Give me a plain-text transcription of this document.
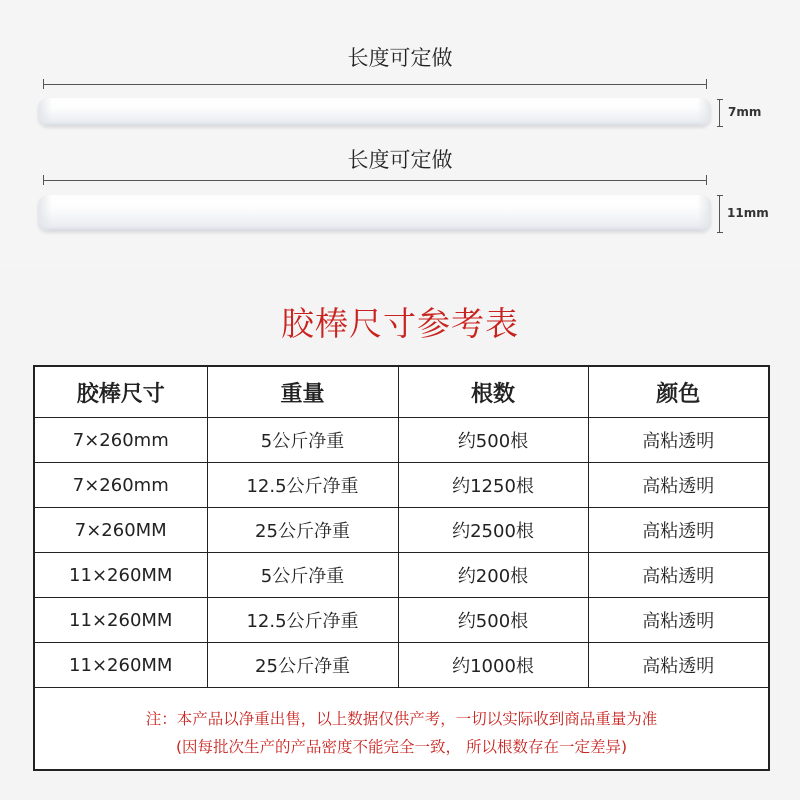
长度可定做
7mm
长度可定做
11mm
胶棒尺寸参考表
胶棒尺寸	重量	根数	颜色
7×260mm	5公斤净重	约500根	高粘透明
7×260mm	12.5公斤净重	约1250根	高粘透明
7×260MM	25公斤净重	约2500根	高粘透明
11×260MM	5公斤净重	约200根	高粘透明
11×260MM	12.5公斤净重	约500根	高粘透明
11×260MM	25公斤净重	约1000根	高粘透明
注：本产品以净重出售，以上数据仅供产考，一切以实际收到商品重量为准
(因每批次生产的产品密度不能完全一致， 所以根数存在一定差异)
